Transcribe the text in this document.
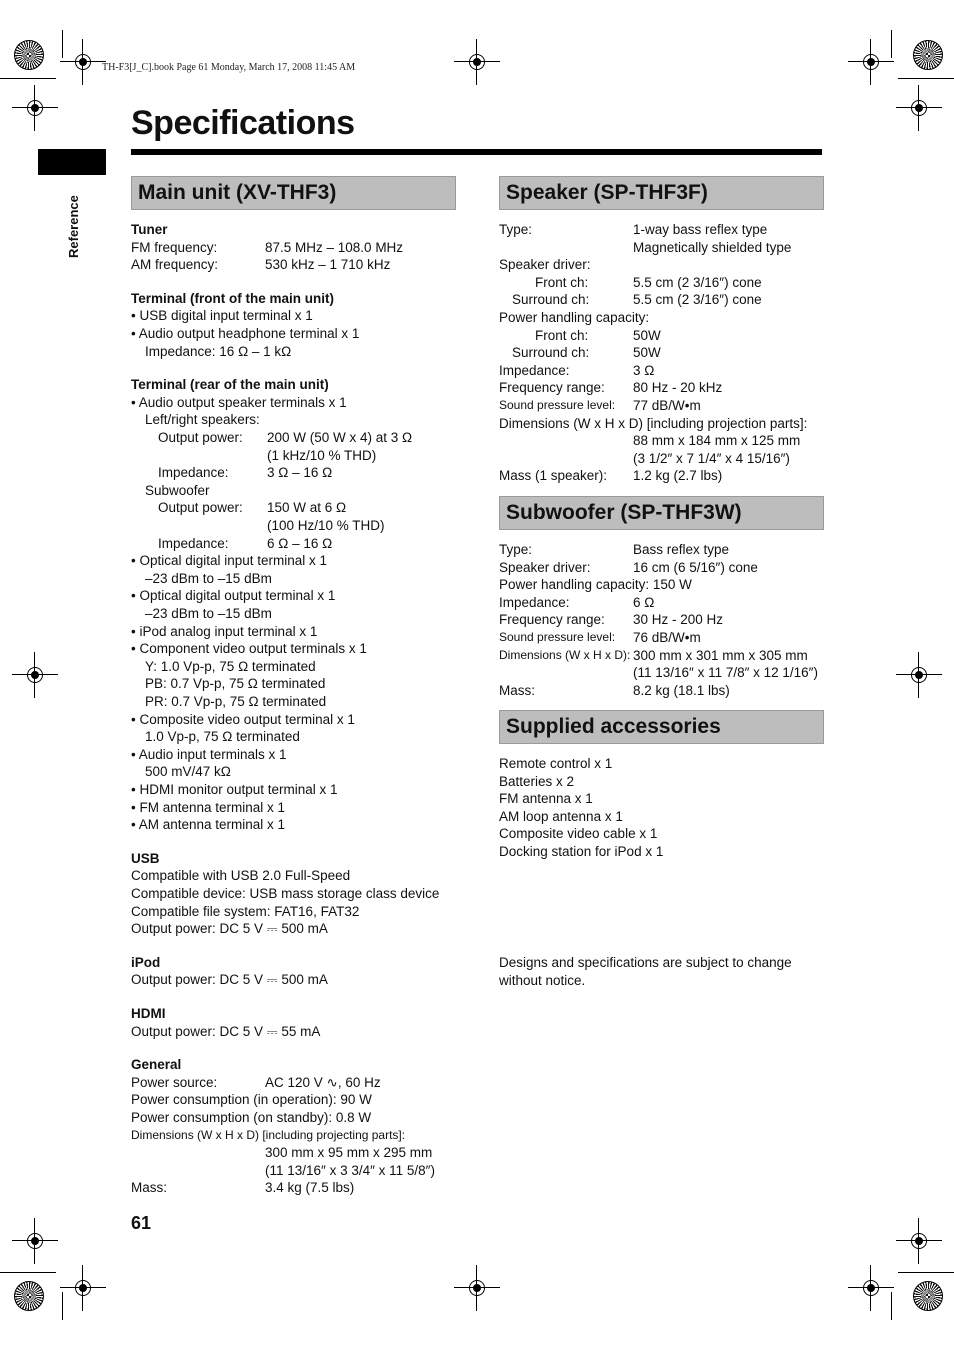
TH-F3[J_C].book Page 61 Monday, March 17, 2008 11:45 AM
Reference
Specifications
Main unit (XV-THF3)
Tuner
FM frequency:	87.5 MHz – 108.0 MHz
AM frequency:	530 kHz – 1 710 kHz
Terminal (front of the main unit)
• USB digital input terminal x 1
• Audio output headphone terminal x 1
Impedance: 16 Ω – 1 kΩ
Terminal (rear of the main unit)
• Audio output speaker terminals x 1
Left/right speakers:
Output power: 200 W (50 W x 4) at 3 Ω
(1 kHz/10 % THD)
Impedance:	3 Ω – 16 Ω
Subwoofer
Output power: 150 W at 6 Ω
(100 Hz/10 % THD)
Impedance:	6 Ω – 16 Ω
• Optical digital input terminal x 1
–23 dBm to –15 dBm
• Optical digital output terminal x 1
–23 dBm to –15 dBm
• iPod analog input terminal x 1
• Component video output terminals x 1
Y: 1.0 Vp-p, 75 Ω terminated
PB: 0.7 Vp-p, 75 Ω terminated
PR: 0.7 Vp-p, 75 Ω terminated
• Composite video output terminal x 1
1.0 Vp-p, 75 Ω terminated
• Audio input terminals x 1
500 mV/47 kΩ
• HDMI monitor output terminal x 1
• FM antenna terminal x 1
• AM antenna terminal x 1
USB
Compatible with USB 2.0 Full-Speed
Compatible device: USB mass storage class device
Compatible file system: FAT16, FAT32
Output power: DC 5 V ⎓ 500 mA
iPod
Output power: DC 5 V ⎓ 500 mA
HDMI
Output power: DC 5 V ⎓ 55 mA
General
Power source:	AC 120 V ∿, 60 Hz
Power consumption (in operation): 90 W
Power consumption (on standby): 0.8 W
Dimensions (W x H x D) [including projecting parts]:
300 mm x 95 mm x 295 mm
(11 13/16″ x 3 3/4″ x 11 5/8″)
Mass:	3.4 kg (7.5 lbs)
Speaker (SP-THF3F)
Type:	1-way bass reflex type
Magnetically shielded type
Speaker driver:
Front ch:	5.5 cm (2 3/16″) cone
Surround ch:	5.5 cm (2 3/16″) cone
Power handling capacity:
Front ch:	50W
Surround ch:	50W
Impedance:	3 Ω
Frequency range: 80 Hz - 20 kHz
Sound pressure level: 77 dB/W•m
Dimensions (W x H x D) [including projection parts]:
88 mm x 184 mm x 125 mm
(3 1/2″ x 7 1/4″ x 4 15/16″)
Mass (1 speaker): 1.2 kg (2.7 lbs)
Subwoofer (SP-THF3W)
Type:	Bass reflex type
Speaker driver:	16 cm (6 5/16″) cone
Power handling capacity: 150 W
Impedance:	6 Ω
Frequency range: 30 Hz - 200 Hz
Sound pressure level: 76 dB/W•m
Dimensions (W x H x D): 300 mm x 301 mm x 305 mm
(11 13/16″ x 11 7/8″ x 12 1/16″)
Mass:	8.2 kg (18.1 lbs)
Supplied accessories
Remote control x 1
Batteries x 2
FM antenna x 1
AM loop antenna x 1
Composite video cable x 1
Docking station for iPod x 1
Designs and specifications are subject to change
without notice.
61
